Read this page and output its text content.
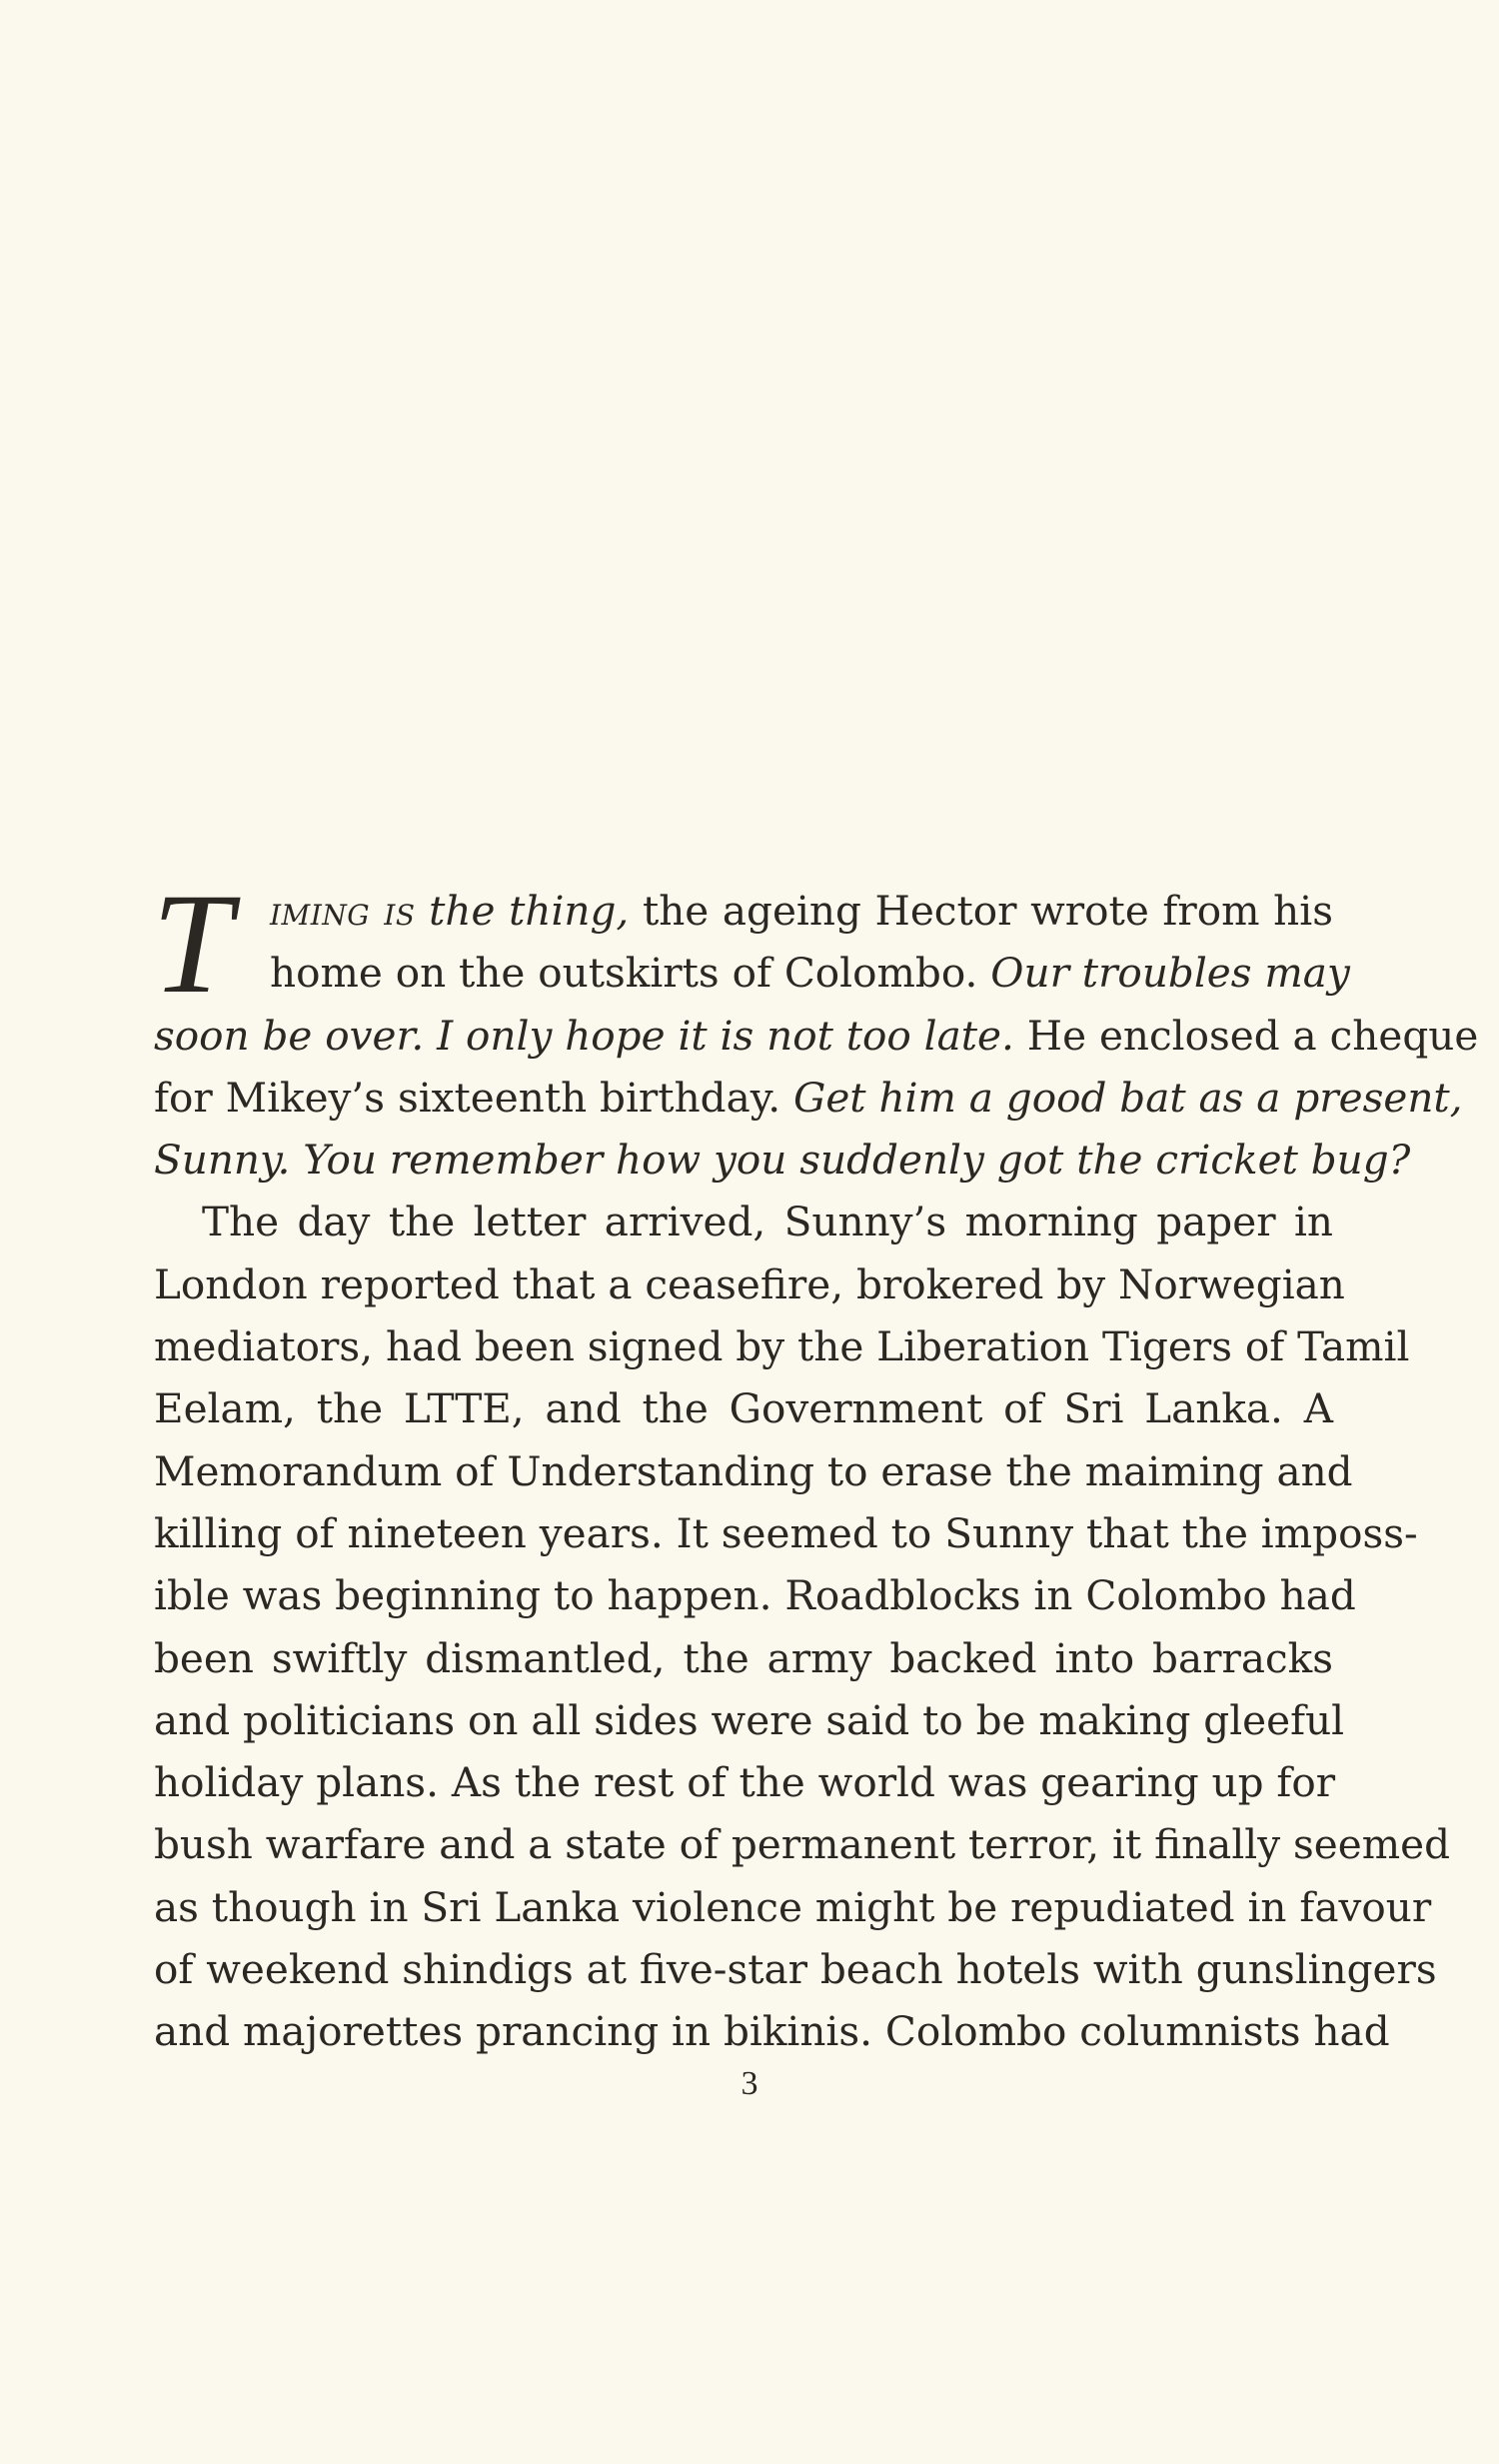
T iming is the thing, the ageing Hector wrote from his
home on the outskirts of Colombo. Our troubles may
soon be over. I only hope it is not too late. He enclosed a cheque
for Mikey’s sixteenth birthday. Get him a good bat as a present,
Sunny. You remember how you suddenly got the cricket bug?
The day the letter arrived, Sunny’s morning paper in
London reported that a ceasefire, brokered by Norwegian
mediators, had been signed by the Liberation Tigers of Tamil
Eelam, the LTTE, and the Government of Sri Lanka. A
Memorandum of Understanding to erase the maiming and
killing of nineteen years. It seemed to Sunny that the imposs-
ible was beginning to happen. Roadblocks in Colombo had
been swiftly dismantled, the army backed into barracks
and politicians on all sides were said to be making gleeful
holiday plans. As the rest of the world was gearing up for
bush warfare and a state of permanent terror, it finally seemed
as though in Sri Lanka violence might be repudiated in favour
of weekend shindigs at five-star beach hotels with gunslingers
and majorettes prancing in bikinis. Colombo columnists had
3
